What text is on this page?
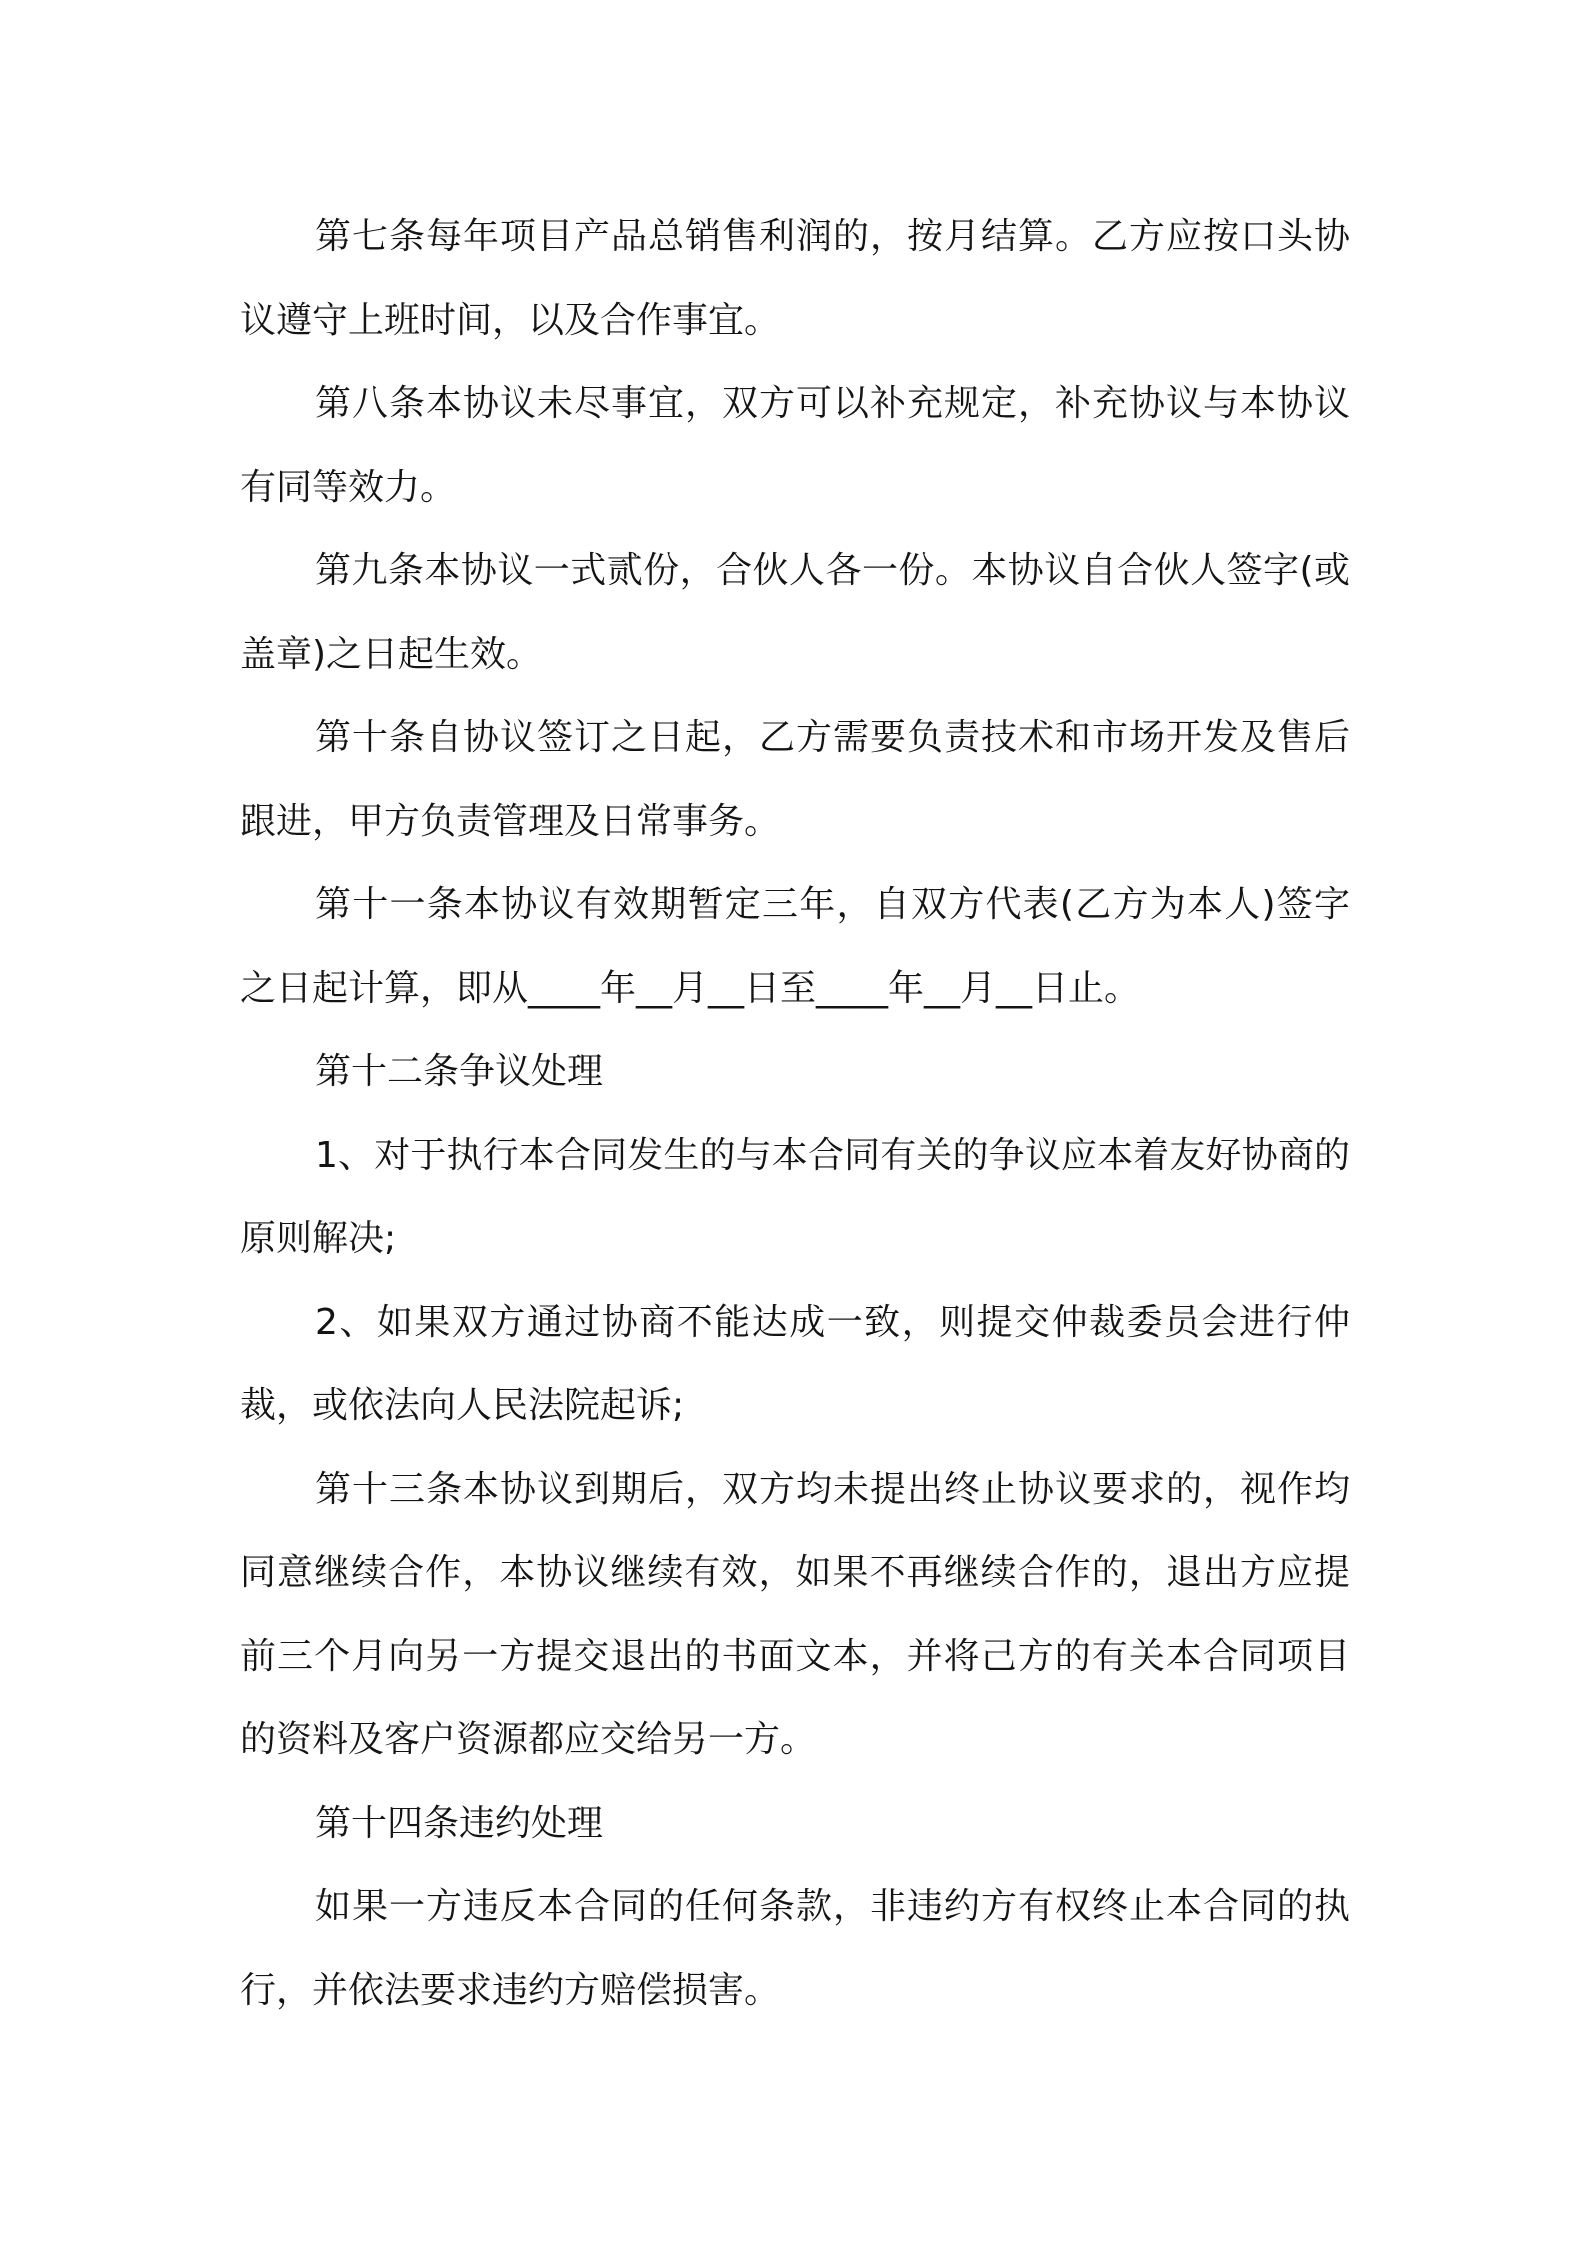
第七条每年项目产品总销售利润的，按月结算。乙方应按口头协议遵守上班时间，以及合作事宜。

第八条本协议未尽事宜，双方可以补充规定，补充协议与本协议有同等效力。

第九条本协议一式贰份，合伙人各一份。本协议自合伙人签字(或盖章)之日起生效。

第十条自协议签订之日起，乙方需要负责技术和市场开发及售后跟进，甲方负责管理及日常事务。

第十一条本协议有效期暂定三年，自双方代表(乙方为本人)签字之日起计算，即从____年__月__日至____年__月__日止。

第十二条争议处理

1、对于执行本合同发生的与本合同有关的争议应本着友好协商的原则解决;

2、如果双方通过协商不能达成一致，则提交仲裁委员会进行仲裁，或依法向人民法院起诉;

第十三条本协议到期后，双方均未提出终止协议要求的，视作均同意继续合作，本协议继续有效，如果不再继续合作的，退出方应提前三个月向另一方提交退出的书面文本，并将己方的有关本合同项目的资料及客户资源都应交给另一方。

第十四条违约处理

如果一方违反本合同的任何条款，非违约方有权终止本合同的执行，并依法要求违约方赔偿损害。
